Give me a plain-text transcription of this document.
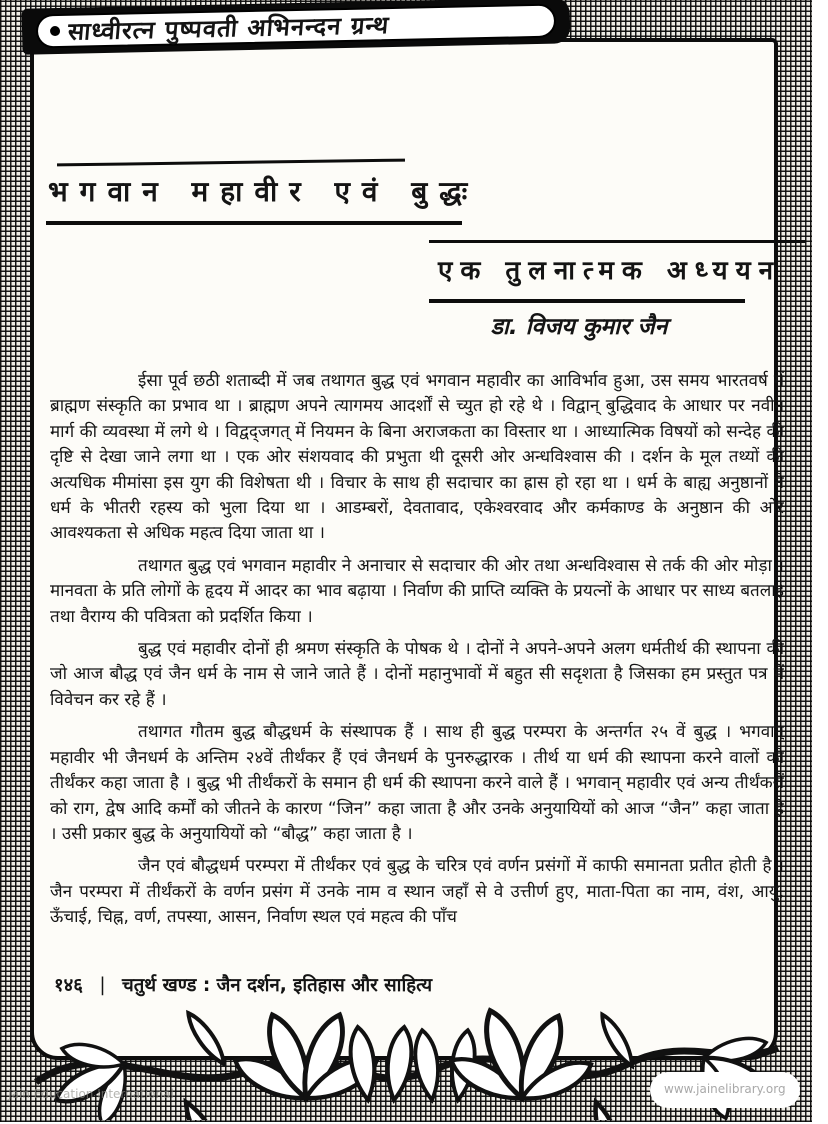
साध्वीरत्न पुष्पवती अभिनन्दन ग्रन्थ
भगवान महावीर एवं बुद्धः
एक तुलनात्मक अध्ययन
डा. विजय कुमार जैन

ईसा पूर्व छठी शताब्दी में जब तथागत बुद्ध एवं भगवान महावीर का आविर्भाव हुआ, उस समय भारतवर्ष में ब्राह्मण संस्कृति का प्रभाव था । ब्राह्मण अपने त्यागमय आदर्शों से च्युत हो रहे थे । विद्वान् बुद्धिवाद के आधार पर नवीन मार्ग की व्यवस्था में लगे थे । विद्वद्जगत् में नियमन के बिना अराजकता का विस्तार था । आध्यात्मिक विषयों को सन्देह की दृष्टि से देखा जाने लगा था । एक ओर संशयवाद की प्रभुता थी दूसरी ओर अन्धविश्वास की । दर्शन के मूल तथ्यों की अत्यधिक मीमांसा इस युग की विशेषता थी । विचार के साथ ही सदाचार का ह्रास हो रहा था । धर्म के बाह्य अनुष्ठानों ने धर्म के भीतरी रहस्य को भुला दिया था । आडम्बरों, देवतावाद, एकेश्वरवाद और कर्मकाण्ड के अनुष्ठान की ओर आवश्यकता से अधिक महत्व दिया जाता था ।

तथागत बुद्ध एवं भगवान महावीर ने अनाचार से सदाचार की ओर तथा अन्धविश्वास से तर्क की ओर मोड़ा । मानवता के प्रति लोगों के हृदय में आदर का भाव बढ़ाया । निर्वाण की प्राप्ति व्यक्ति के प्रयत्नों के आधार पर साध्य बतलाई तथा वैराग्य की पवित्रता को प्रदर्शित किया ।

बुद्ध एवं महावीर दोनों ही श्रमण संस्कृति के पोषक थे । दोनों ने अपने-अपने अलग धर्मतीर्थ की स्थापना की जो आज बौद्ध एवं जैन धर्म के नाम से जाने जाते हैं । दोनों महानुभावों में बहुत सी सदृशता है जिसका हम प्रस्तुत पत्र में विवेचन कर रहे हैं ।

तथागत गौतम बुद्ध बौद्धधर्म के संस्थापक हैं । साथ ही बुद्ध परम्परा के अन्तर्गत २५ वें बुद्ध । भगवान् महावीर भी जैनधर्म के अन्तिम २४वें तीर्थंकर हैं एवं जैनधर्म के पुनरुद्धारक । तीर्थ या धर्म की स्थापना करने वालों को तीर्थंकर कहा जाता है । बुद्ध भी तीर्थंकरों के समान ही धर्म की स्थापना करने वाले हैं । भगवान् महावीर एवं अन्य तीर्थंकरों को राग, द्वेष आदि कर्मों को जीतने के कारण “जिन” कहा जाता है और उनके अनुयायियों को आज “जैन” कहा जाता है । उसी प्रकार बुद्ध के अनुयायियों को “बौद्ध” कहा जाता है ।

जैन एवं बौद्धधर्म परम्परा में तीर्थंकर एवं बुद्ध के चरित्र एवं वर्णन प्रसंगों में काफी समानता प्रतीत होती है । जैन परम्परा में तीर्थंकरों के वर्णन प्रसंग में उनके नाम व स्थान जहाँ से वे उत्तीर्ण हुए, माता-पिता का नाम, वंश, आयु, ऊँचाई, चिह्न, वर्ण, तपस्या, आसन, निर्वाण स्थल एवं महत्व की पाँच

१४६ | चतुर्थ खण्ड : जैन दर्शन, इतिहास और साहित्य
Jain Education International	www.jainelibrary.org
